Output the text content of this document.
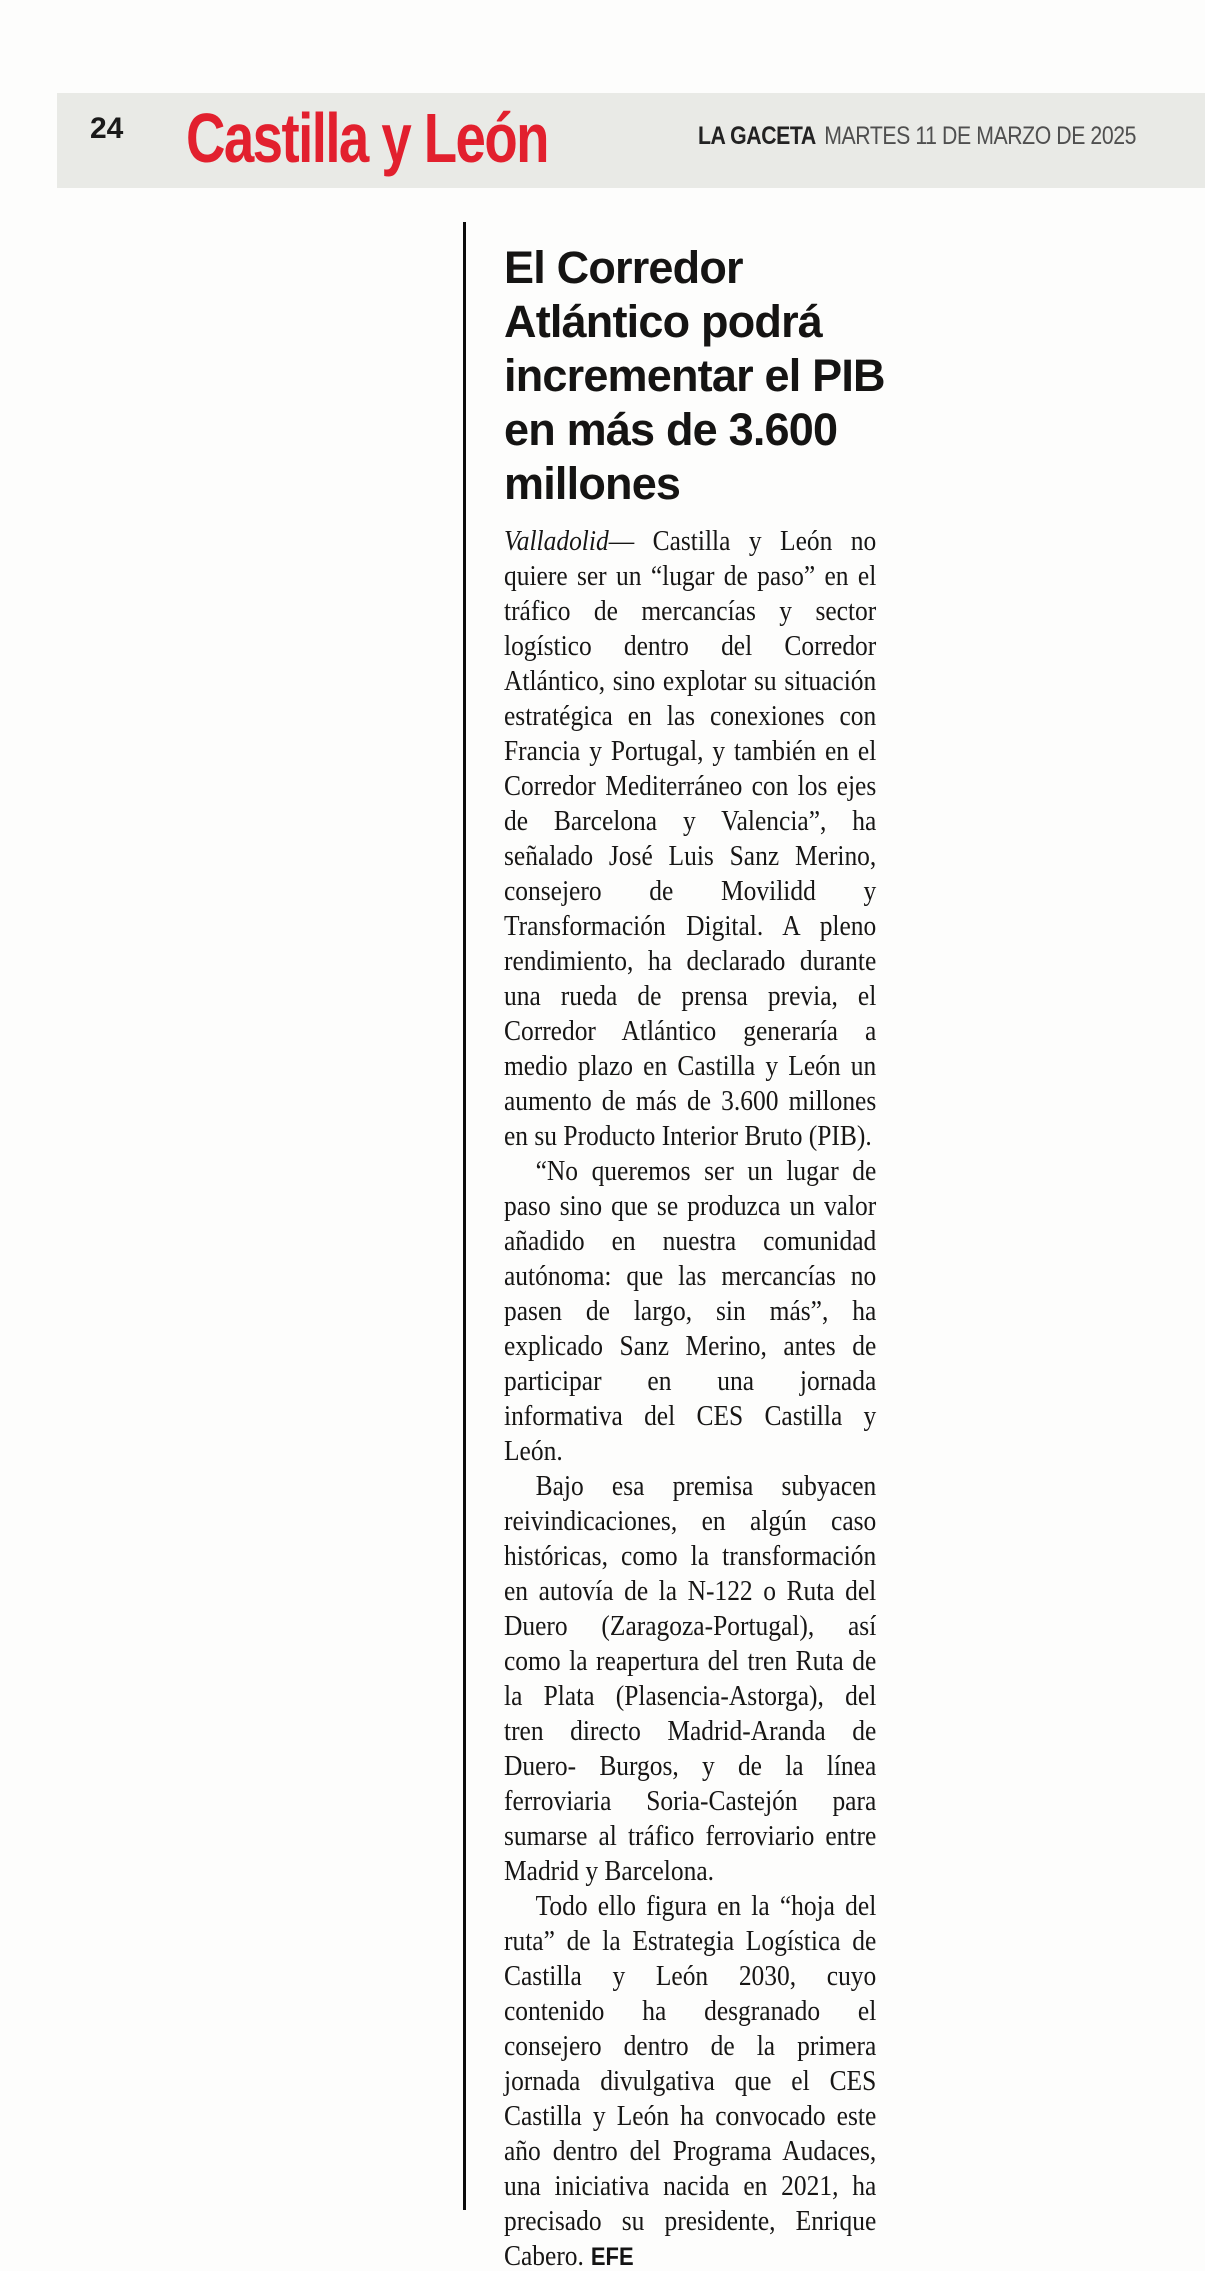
24 Castilla y León	LA GACETA MARTES 11 DE MARZO DE 2025
El Corredor Atlántico podrá incrementar el PIB en más de 3.600 millones

Valladolid— Castilla y León no quiere ser un “lugar de paso” en el tráfico de mercancías y sector logístico dentro del Corredor Atlántico, sino explotar su situación estratégica en las conexiones con Francia y Portugal, y también en el Corredor Mediterráneo con los ejes de Barcelona y Valencia”, ha señalado José Luis Sanz Merino, consejero de Movilidd y Transformación Digital. A pleno rendimiento, ha declarado durante una rueda de prensa previa, el Corredor Atlántico generaría a medio plazo en Castilla y León un aumento de más de 3.600 millones en su Producto Interior Bruto (PIB).

“No queremos ser un lugar de paso sino que se produzca un valor añadido en nuestra comunidad autónoma: que las mercancías no pasen de largo, sin más”, ha explicado Sanz Merino, antes de participar en una jornada informativa del CES Castilla y León.

Bajo esa premisa subyacen reivindicaciones, en algún caso históricas, como la transformación en autovía de la N-122 o Ruta del Duero (Zaragoza-Portugal), así como la reapertura del tren Ruta de la Plata (Plasencia-Astorga), del tren directo Madrid-Aranda de Duero- Burgos, y de la línea ferroviaria Soria-Castejón para sumarse al tráfico ferroviario entre Madrid y Barcelona.

Todo ello figura en la “hoja del ruta” de la Estrategia Logística de Castilla y León 2030, cuyo contenido ha desgranado el consejero dentro de la primera jornada divulgativa que el CES Castilla y León ha convocado este año dentro del Programa Audaces, una iniciativa nacida en 2021, ha precisado su presidente, Enrique Cabero. EFE
